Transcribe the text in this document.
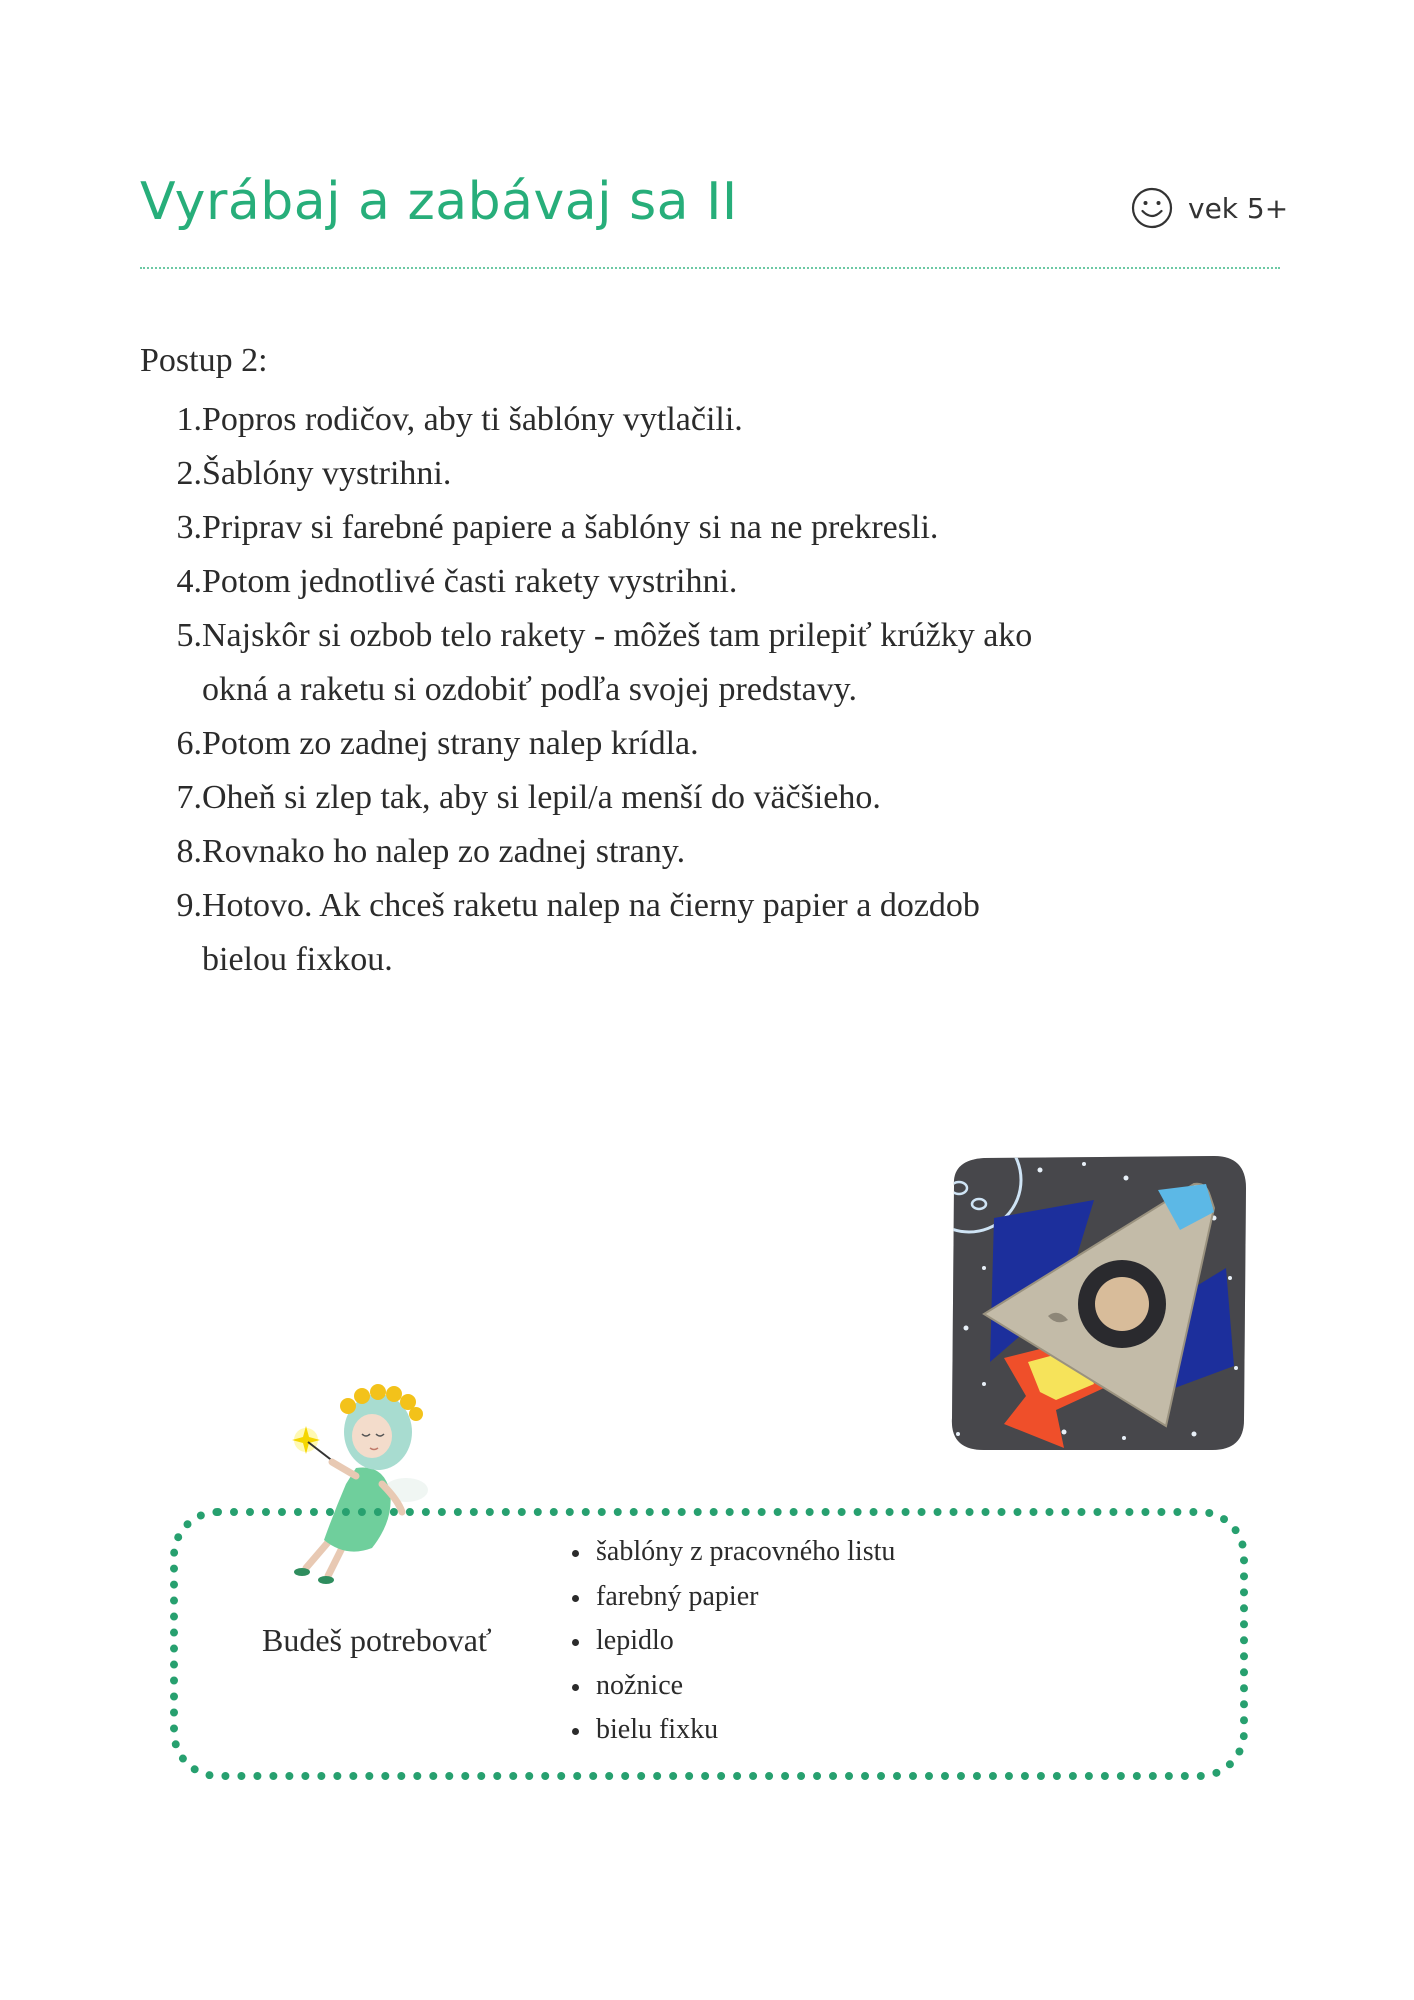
Vyrábaj a zabávaj sa II	vek 5+
Postup 2:
1. Popros rodičov, aby ti šablóny vytlačili.
2. Šablóny vystrihni.
3. Priprav si farebné papiere a šablóny si na ne prekresli.
4. Potom jednotlivé časti rakety vystrihni.
5. Najskôr si ozbob telo rakety - môžeš tam prilepiť krúžky ako okná a raketu si ozdobiť podľa svojej predstavy.
6. Potom zo zadnej strany nalep krídla.
7. Oheň si zlep tak, aby si lepil/a menší do väčšieho.
8. Rovnako ho nalep zo zadnej strany.
9. Hotovo. Ak chceš raketu nalep na čierny papier a dozdob bielou fixkou.

Budeš potrebovať

šablóny z pracovného listu
farebný papier
lepidlo
nožnice
bielu fixku
